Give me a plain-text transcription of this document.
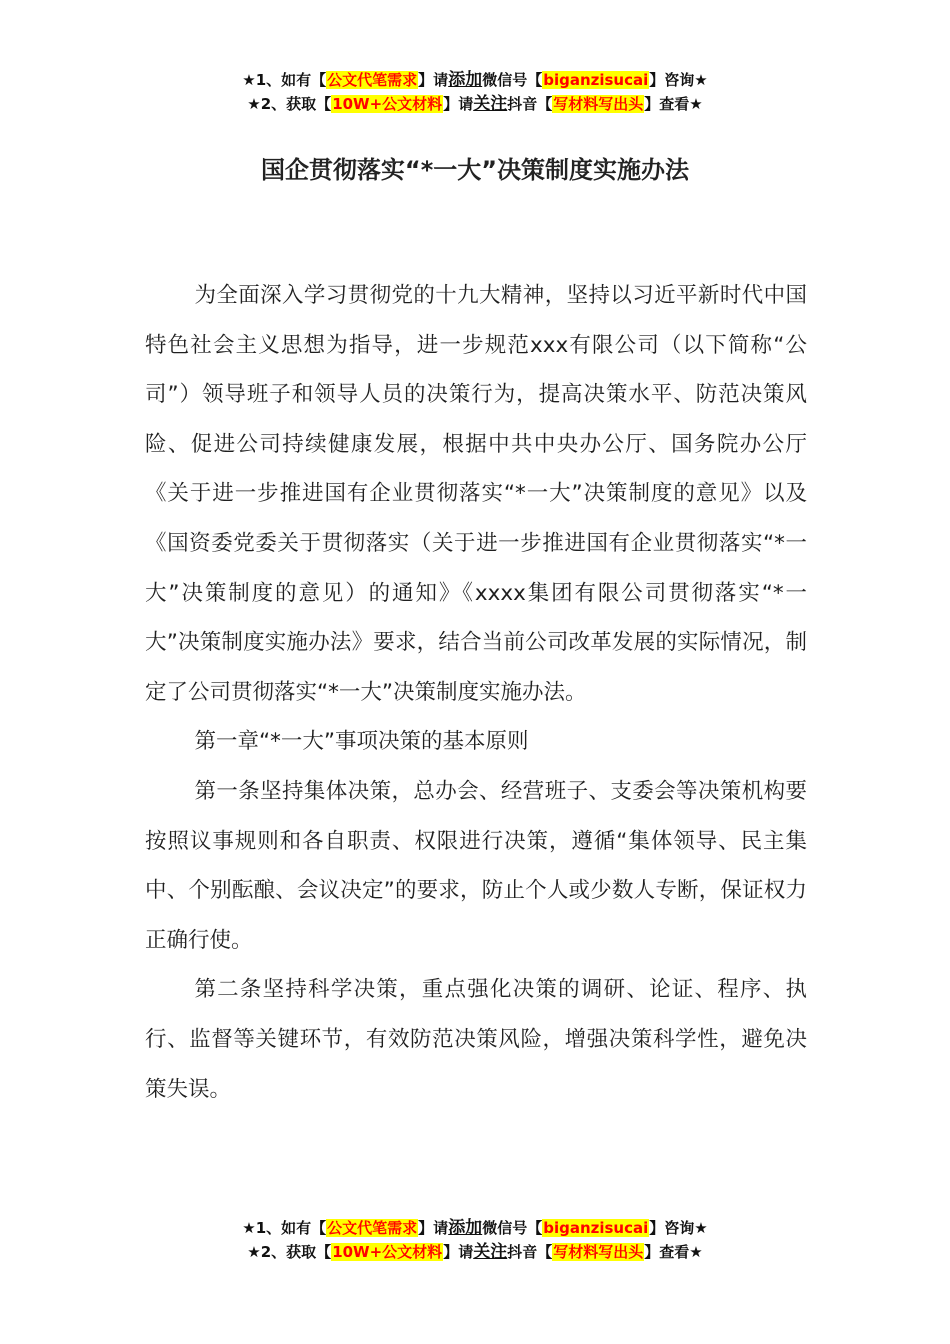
★1、如有【公文代笔需求】请添加微信号【biganzisucai】咨询★
★2、获取【10W+公文材料】请关注抖音【写材料写出头】查看★
国企贯彻落实“*一大”决策制度实施办法

为全面深入学习贯彻党的十九大精神，坚持以习近平新时代中国特色社会主义思想为指导，进一步规范xxx有限公司（以下简称“公司”）领导班子和领导人员的决策行为，提高决策水平、防范决策风险、促进公司持续健康发展，根据中共中央办公厅、国务院办公厅《关于进一步推进国有企业贯彻落实“*一大”决策制度的意见》以及《国资委党委关于贯彻落实（关于进一步推进国有企业贯彻落实“*一大”决策制度的意见）的通知》《xxxx集团有限公司贯彻落实“*一大”决策制度实施办法》要求，结合当前公司改革发展的实际情况，制定了公司贯彻落实“*一大”决策制度实施办法。

第一章“*一大”事项决策的基本原则

第一条坚持集体决策，总办会、经营班子、支委会等决策机构要按照议事规则和各自职责、权限进行决策，遵循“集体领导、民主集中、个别酝酿、会议决定”的要求，防止个人或少数人专断，保证权力正确行使。

第二条坚持科学决策，重点强化决策的调研、论证、程序、执行、监督等关键环节，有效防范决策风险，增强决策科学性，避免决策失误。

★1、如有【公文代笔需求】请添加微信号【biganzisucai】咨询★
★2、获取【10W+公文材料】请关注抖音【写材料写出头】查看★
